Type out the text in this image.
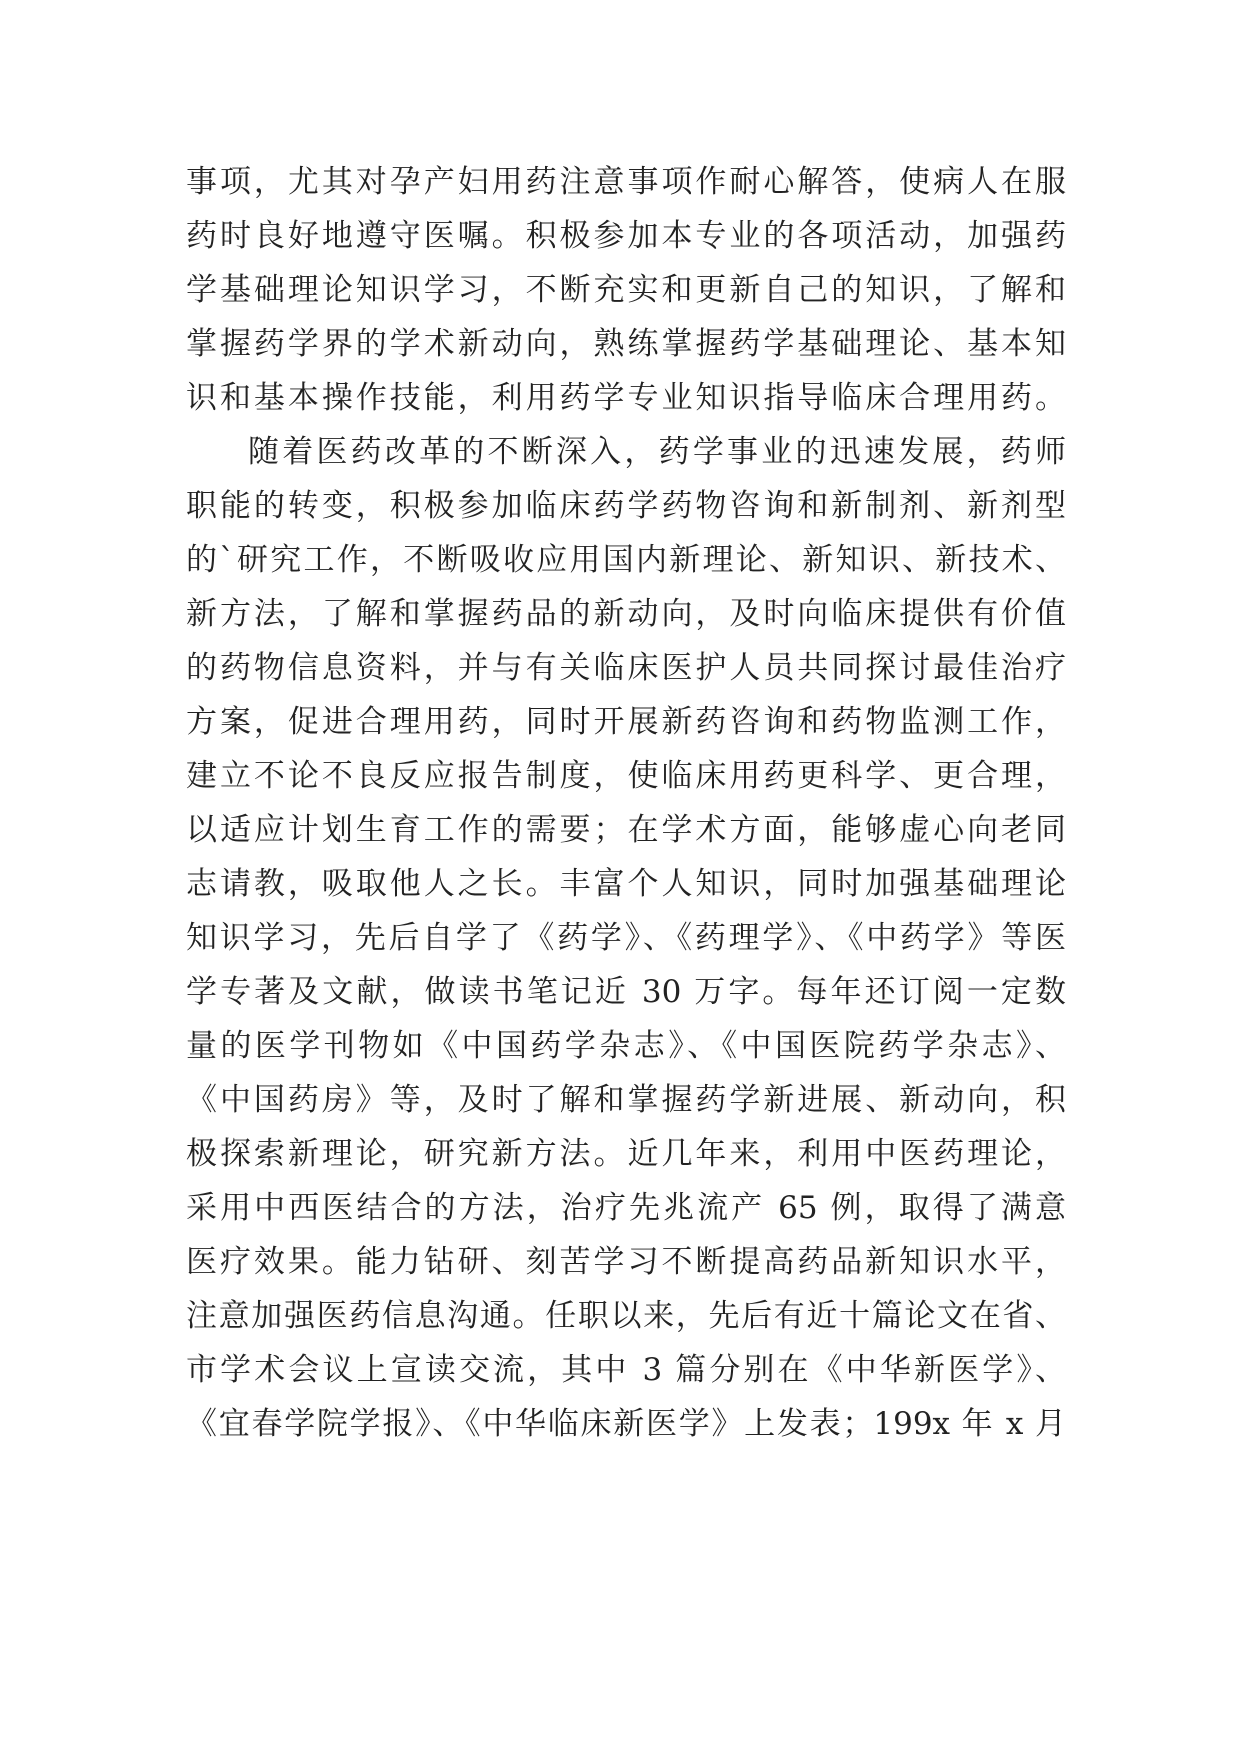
事项，尤其对孕产妇用药注意事项作耐心解答，使病人在服
药时良好地遵守医嘱。积极参加本专业的各项活动，加强药
学基础理论知识学习，不断充实和更新自己的知识，了解和
掌握药学界的学术新动向，熟练掌握药学基础理论、基本知
识和基本操作技能，利用药学专业知识指导临床合理用药。
随着医药改革的不断深入，药学事业的迅速发展，药师
职能的转变，积极参加临床药学药物咨询和新制剂、新剂型
的`研究工作，不断吸收应用国内新理论、新知识、新技术、
新方法，了解和掌握药品的新动向，及时向临床提供有价值
的药物信息资料，并与有关临床医护人员共同探讨最佳治疗
方案，促进合理用药，同时开展新药咨询和药物监测工作，
建立不论不良反应报告制度，使临床用药更科学、更合理，
以适应计划生育工作的需要；在学术方面，能够虚心向老同
志请教，吸取他人之长。丰富个人知识，同时加强基础理论
知识学习，先后自学了《药学》、《药理学》、《中药学》等医
学专著及文献，做读书笔记近 30 万字。每年还订阅一定数
量的医学刊物如《中国药学杂志》、《中国医院药学杂志》、
《中国药房》等，及时了解和掌握药学新进展、新动向，积
极探索新理论，研究新方法。近几年来，利用中医药理论，
采用中西医结合的方法，治疗先兆流产 65 例，取得了满意
医疗效果。能力钻研、刻苦学习不断提高药品新知识水平，
注意加强医药信息沟通。任职以来，先后有近十篇论文在省、
市学术会议上宣读交流，其中 3 篇分别在《中华新医学》、
《宜春学院学报》、《中华临床新医学》上发表；199x 年 x 月
